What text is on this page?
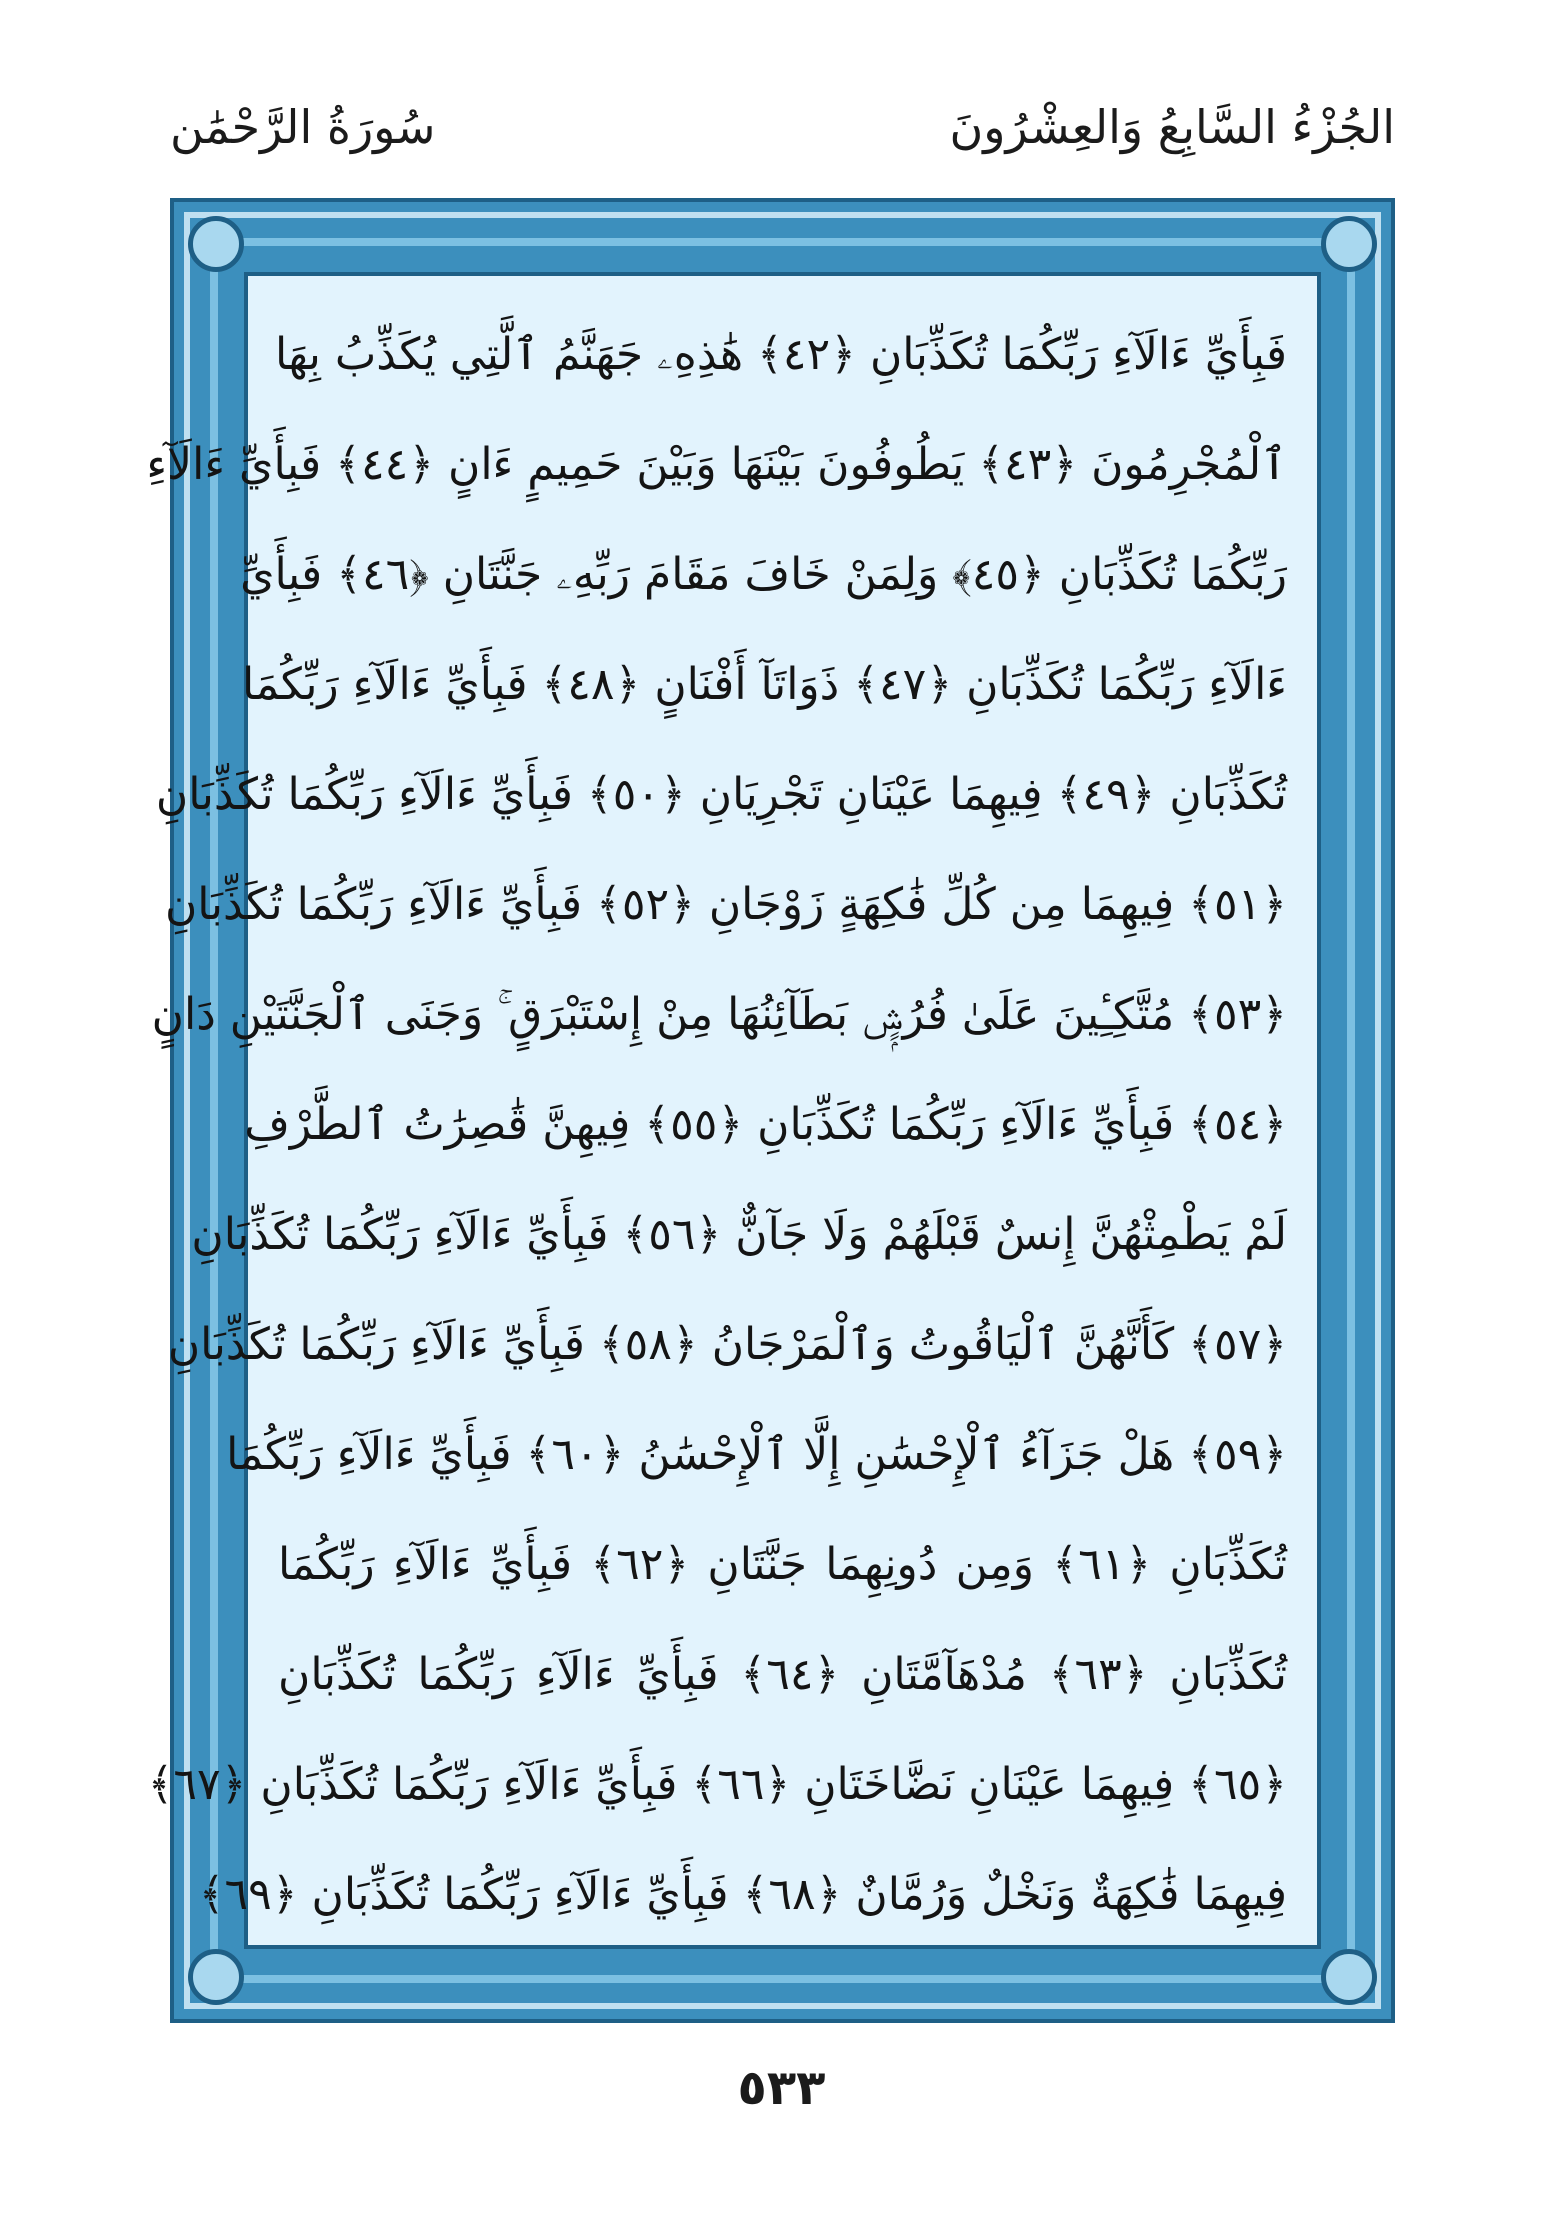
الجُزْءُ السَّابِعُ وَالعِشْرُونَ
سُورَةُ الرَّحْمَٰن
فَبِأَيِّ ءَالَآءِ رَبِّكُمَا تُكَذِّبَانِ ﴿٤٢﴾ هَٰذِهِۦ جَهَنَّمُ ٱلَّتِي يُكَذِّبُ بِهَا
ٱلْمُجْرِمُونَ ﴿٤٣﴾ يَطُوفُونَ بَيْنَهَا وَبَيْنَ حَمِيمٍ ءَانٍ ﴿٤٤﴾ فَبِأَيِّ ءَالَآءِ
رَبِّكُمَا تُكَذِّبَانِ ﴿٤٥﴾ وَلِمَنْ خَافَ مَقَامَ رَبِّهِۦ جَنَّتَانِ ﴿٤٦﴾ فَبِأَيِّ
ءَالَآءِ رَبِّكُمَا تُكَذِّبَانِ ﴿٤٧﴾ ذَوَاتَآ أَفْنَانٍ ﴿٤٨﴾ فَبِأَيِّ ءَالَآءِ رَبِّكُمَا
تُكَذِّبَانِ ﴿٤٩﴾ فِيهِمَا عَيْنَانِ تَجْرِيَانِ ﴿٥٠﴾ فَبِأَيِّ ءَالَآءِ رَبِّكُمَا تُكَذِّبَانِ
﴿٥١﴾ فِيهِمَا مِن كُلِّ فَٰكِهَةٍ زَوْجَانِ ﴿٥٢﴾ فَبِأَيِّ ءَالَآءِ رَبِّكُمَا تُكَذِّبَانِ
﴿٥٣﴾ مُتَّكِـِٔينَ عَلَىٰ فُرُشٍۭ بَطَآئِنُهَا مِنْ إِسْتَبْرَقٍ ۚ وَجَنَى ٱلْجَنَّتَيْنِ دَانٍ
﴿٥٤﴾ فَبِأَيِّ ءَالَآءِ رَبِّكُمَا تُكَذِّبَانِ ﴿٥٥﴾ فِيهِنَّ قَٰصِرَٰتُ ٱلطَّرْفِ
لَمْ يَطْمِثْهُنَّ إِنسٌ قَبْلَهُمْ وَلَا جَآنٌّ ﴿٥٦﴾ فَبِأَيِّ ءَالَآءِ رَبِّكُمَا تُكَذِّبَانِ
﴿٥٧﴾ كَأَنَّهُنَّ ٱلْيَاقُوتُ وَٱلْمَرْجَانُ ﴿٥٨﴾ فَبِأَيِّ ءَالَآءِ رَبِّكُمَا تُكَذِّبَانِ
﴿٥٩﴾ هَلْ جَزَآءُ ٱلْإِحْسَٰنِ إِلَّا ٱلْإِحْسَٰنُ ﴿٦٠﴾ فَبِأَيِّ ءَالَآءِ رَبِّكُمَا
تُكَذِّبَانِ ﴿٦١﴾ وَمِن دُونِهِمَا جَنَّتَانِ ﴿٦٢﴾ فَبِأَيِّ ءَالَآءِ رَبِّكُمَا
تُكَذِّبَانِ ﴿٦٣﴾ مُدْهَآمَّتَانِ ﴿٦٤﴾ فَبِأَيِّ ءَالَآءِ رَبِّكُمَا تُكَذِّبَانِ
﴿٦٥﴾ فِيهِمَا عَيْنَانِ نَضَّاخَتَانِ ﴿٦٦﴾ فَبِأَيِّ ءَالَآءِ رَبِّكُمَا تُكَذِّبَانِ ﴿٦٧﴾
فِيهِمَا فَٰكِهَةٌ وَنَخْلٌ وَرُمَّانٌ ﴿٦٨﴾ فَبِأَيِّ ءَالَآءِ رَبِّكُمَا تُكَذِّبَانِ ﴿٦٩﴾
٥٣٣
